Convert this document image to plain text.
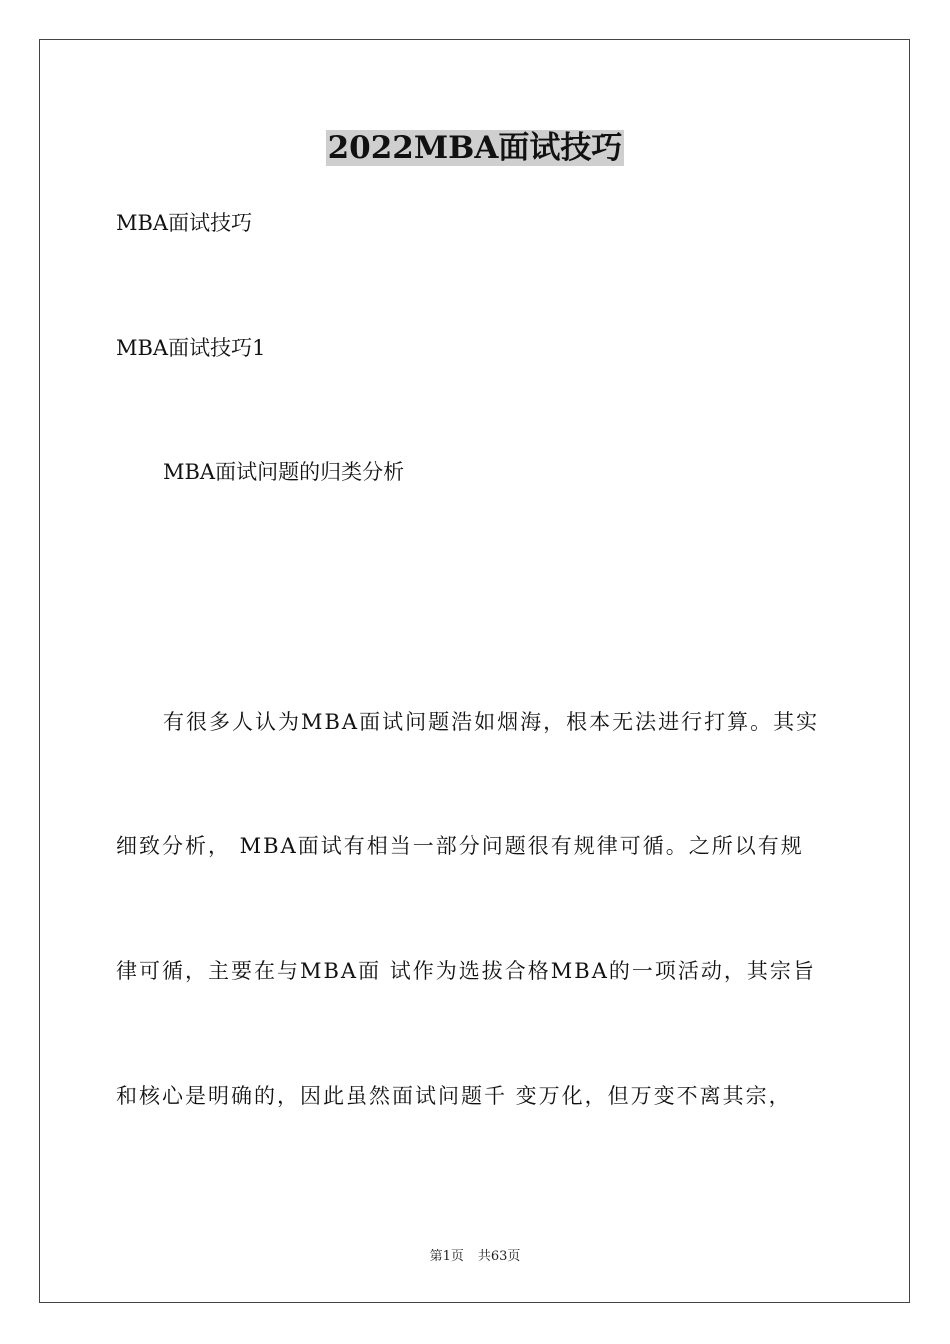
2022MBA面试技巧
MBA面试技巧
MBA面试技巧1
MBA面试问题的归类分析
有很多人认为MBA面试问题浩如烟海，根本无法进行打算。其实
细致分析， MBA面试有相当一部分问题很有规律可循。之所以有规
律可循，主要在与MBA面 试作为选拔合格MBA的一项活动，其宗旨
和核心是明确的，因此虽然面试问题千 变万化，但万变不离其宗，
第1页 共63页
